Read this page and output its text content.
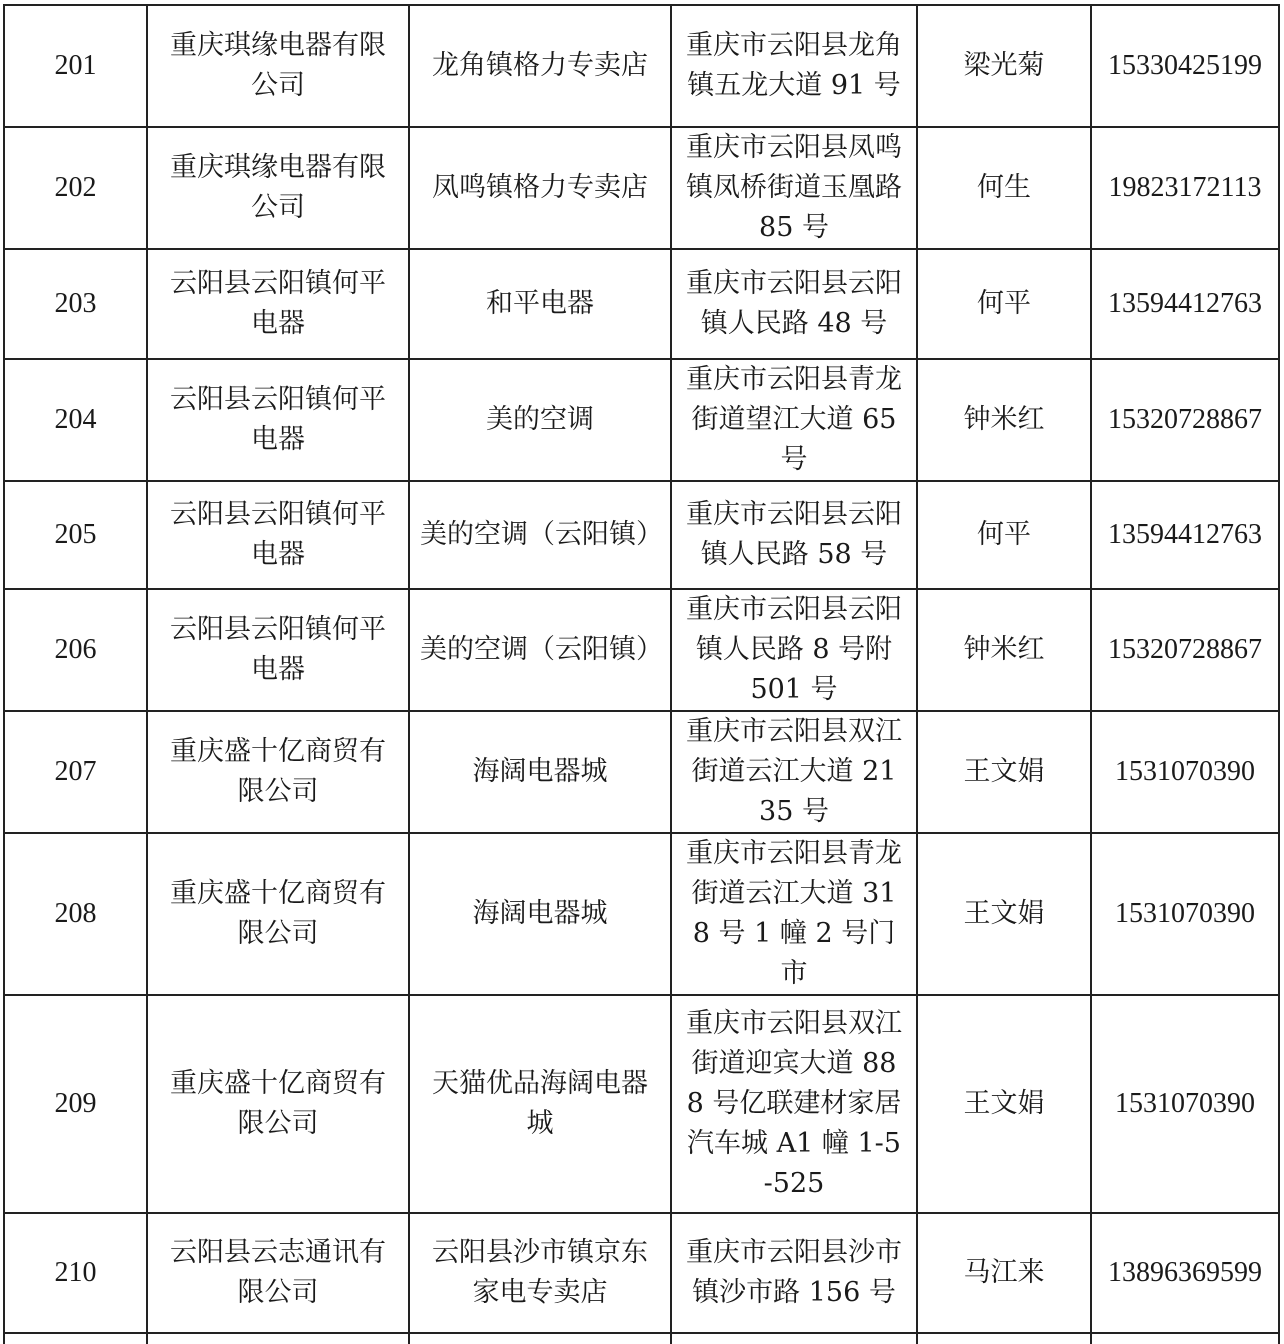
201	重庆琪缘电器有限公司	龙角镇格力专卖店	重庆市云阳县龙角镇五龙大道 91 号	梁光菊	15330425199
202	重庆琪缘电器有限公司	凤鸣镇格力专卖店	重庆市云阳县凤鸣镇凤桥街道玉凰路 85 号	何生	19823172113
203	云阳县云阳镇何平电器	和平电器	重庆市云阳县云阳镇人民路 48 号	何平	13594412763
204	云阳县云阳镇何平电器	美的空调	重庆市云阳县青龙街道望江大道 65 号	钟米红	15320728867
205	云阳县云阳镇何平电器	美的空调（云阳镇）	重庆市云阳县云阳镇人民路 58 号	何平	13594412763
206	云阳县云阳镇何平电器	美的空调（云阳镇）	重庆市云阳县云阳镇人民路 8 号附 501 号	钟米红	15320728867
207	重庆盛十亿商贸有限公司	海阔电器城	重庆市云阳县双江街道云江大道 2135 号	王文娟	1531070390
208	重庆盛十亿商贸有限公司	海阔电器城	重庆市云阳县青龙街道云江大道 318 号 1 幢 2 号门市	王文娟	1531070390
209	重庆盛十亿商贸有限公司	天猫优品海阔电器城	重庆市云阳县双江街道迎宾大道 888 号亿联建材家居汽车城 A1 幢 1-5-525	王文娟	1531070390
210	云阳县云志通讯有限公司	云阳县沙市镇京东家电专卖店	重庆市云阳县沙市镇沙市路 156 号	马江来	13896369599
